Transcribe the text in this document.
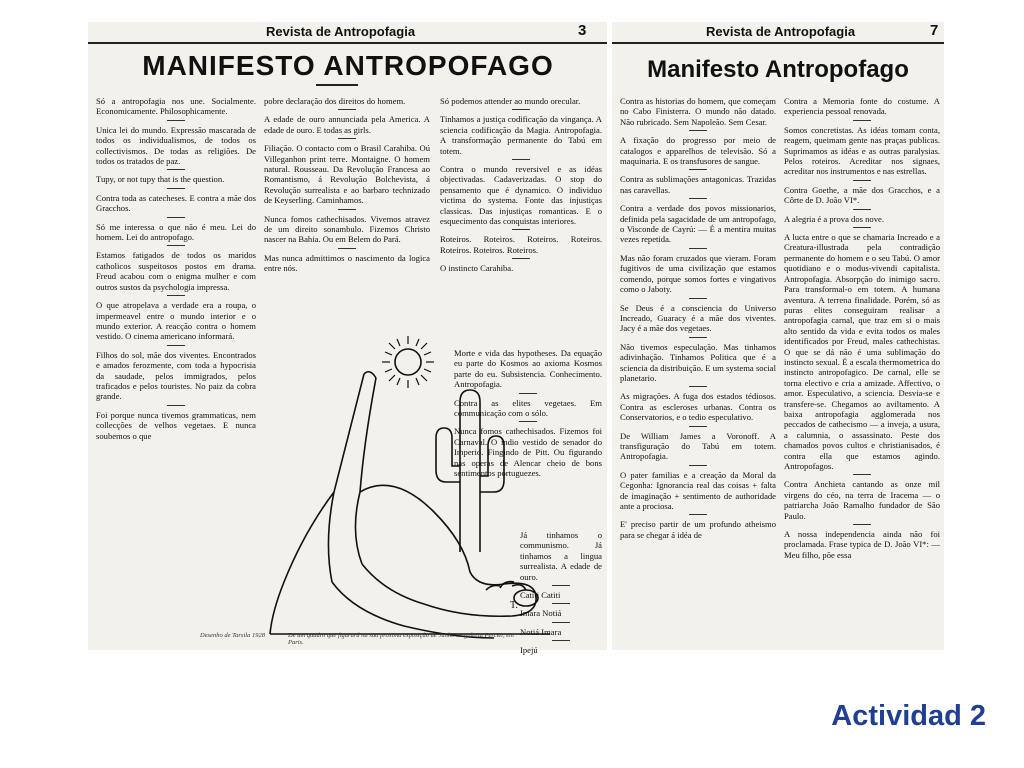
Revista de Antropofagia	3
MANIFESTO ANTROPOFAGO
Só a antropofagia nos une. Socialmente. Economicamente. Philosophicamente.
Unica lei do mundo. Expressão mascarada de todos os individualismos, de todos os collectivismos. De todas as religiões. De todos os tratados de paz.
Tupy, or not tupy that is the question.
Contra toda as catecheses. E contra a mãe dos Gracchos.
Só me interessa o que não é meu. Lei do homem. Lei do antropofago.
Estamos fatigados de todos os maridos catholicos suspeitosos postos em drama. Freud acabou com o enigma mulher e com outros sustos da psychologia impressa.
O que atropelava a verdade era a roupa, o impermeavel entre o mundo interior e o mundo exterior. A reacção contra o homem vestido. O cinema americano informará.
Filhos do sol, mãe dos viventes. Encontrados e amados ferozmente, com toda a hypocrisia da saudade, pelos immigrados, pelos traficados e pelos touristes. No paiz da cobra grande.
Foi porque nunca tivemos grammaticas, nem collecções de velhos vegetaes. E nunca soubemos o que
pobre declaração dos direitos do homem.
A edade de ouro annunciada pela America. A edade de ouro. E todas as girls.
Filiação. O contacto com o Brasil Carahiba. Oú Villeganhon print terre. Montaigne. O homem natural. Rousseau. Da Revolução Francesa ao Romantismo, á Revolução Bolchevista, á Revolução surrealista e ao barbaro technizado de Keyserling. Caminhamos.
Nunca fomos cathechisados. Vivemos atravez de um direito sonambulo. Fizemos Christo nascer na Bahia. Ou em Belem do Pará.
Mas nunca admittimos o nascimento da logica entre nós.
Só podemos attender ao mundo orecular.
Tinhamos a justiça codificação da vingança. A sciencia codificação da Magia. Antropofagia. A transformação permanente do Tabú em totem.
Contra o mundo reversivel e as idéas objectivadas. Cadaverizadas. O stop do pensamento que é dynamico. O individuo victima do systema. Fonte das injustiças classicas. Das injustiças romanticas. E o esquecimento das conquistas interiores.
Roteiros. Roteiros. Roteiros. Roteiros. Roteiros. Roteiros. Roteiros.
O instincto Carahiba.
Morte e vida das hypotheses. Da equação eu parte do Kosmos ao axioma Kosmos parte do eu. Subsistencia. Conhecimento. Antropofagia.
Contra as elites vegetaes. Em communicação com o sólo.
Nunca fomos cathechisados. Fizemos foi Carnaval. O indio vestido de senador do Imperio. Fingindo de Pitt. Ou figurando nas operas de Alencar cheio de bons sentimentos portuguezes.
Já tinhamos o communismo. Já tinhamos a lingua surrealista. A edade de ouro.
Catiti Catiti
Imara Notiá
Notiá Imara
Ipejú
T.
Desenho de Tarsila 1928	De um quadro que figurará na sua proxima exposição de Junho na galeria Percier, em Paris.
Revista de Antropofagia	7
Manifesto Antropofago
Contra as historias do homem, que começam no Cabo Finisterra. O mundo não datado. Não rubricado. Sem Napoleão. Sem Cesar.
A fixação do progresso por meio de catalogos e apparelhos de televisão. Só a maquinaria. E os transfusores de sangue.
Contra as sublimações antagonicas. Trazidas nas caravellas.
Contra a verdade dos povos missionarios, definida pela sagacidade de um antropofago, o Visconde de Cayrú: — É a mentira muitas vezes repetida.
Mas não foram cruzados que vieram. Foram fugitivos de uma civilização que estamos comendo, porque somos fortes e vingativos como o Jaboty.
Se Deus é a consciencia do Universo Increado, Guaracy é a mãe dos viventes. Jacy é a mãe dos vegetaes.
Não tivemos especulação. Mas tinhamos adivinhação. Tinhamos Politica que é a sciencia da distribuição. E um systema social planetario.
As migrações. A fuga dos estados tédiosos. Contra as escleroses urbanas. Contra os Conservatorios, e o tedio especulativo.
De William James a Voronoff. A transfiguração do Tabú em totem. Antropofagia.
O pater familias e a creação da Moral da Cegonha: Ignorancia real das coisas + falta de imaginação + sentimento de authoridade ante a prociosa.
E' preciso partir de um profundo atheismo para se chegar á idéa de
Contra a Memoria fonte do costume. A experiencia pessoal renovada.
Somos concretistas. As idéas tomam conta, reagem, queimam gente nas praças publicas. Suprimamos as idéas e as outras paralysias. Pelos roteiros. Acreditar nos signaes, acreditar nos instrumentos e nas estrellas.
Contra Goethe, a mãe dos Gracchos, e a Côrte de D. João VI*.
A alegria é a prova dos nove.
A lucta entre o que se chamaria Increado e a Creatura-illustrada pela contradição permanente do homem e o seu Tabú. O amor quotidiano e o modus-vivendi capitalista. Antropofagia. Absorpção do inimigo sacro. Para transformal-o em totem. A humana aventura. A terrena finalidade. Porém, só as puras elites conseguiram realisar a antropofagia carnal, que traz em si o mais alto sentido da vida e evita todos os males identificados por Freud, males cathechistas. O que se dá não é uma sublimação do instincto sexual. É a escala thermometrica do instincto antropofagico. De carnal, elle se torna electivo e cria a amizade. Affectivo, o amor. Especulativo, a sciencia. Desvia-se e transfere-se. Chegamos ao aviltamento. A baixa antropofagia agglomerada nos peccados de cathecismo — a inveja, a usura, a calumnia, o assassinato. Peste dos chamados povos cultos e christianisados, é contra ella que estamos agindo. Antropofagos.
Contra Anchieta cantando as onze mil virgens do céo, na terra de Iracema — o patriarcha João Ramalho fundador de São Paulo.
A nossa independencia ainda não foi proclamada. Frase typica de D. João VI*: — Meu filho, põe essa
Actividad 2
